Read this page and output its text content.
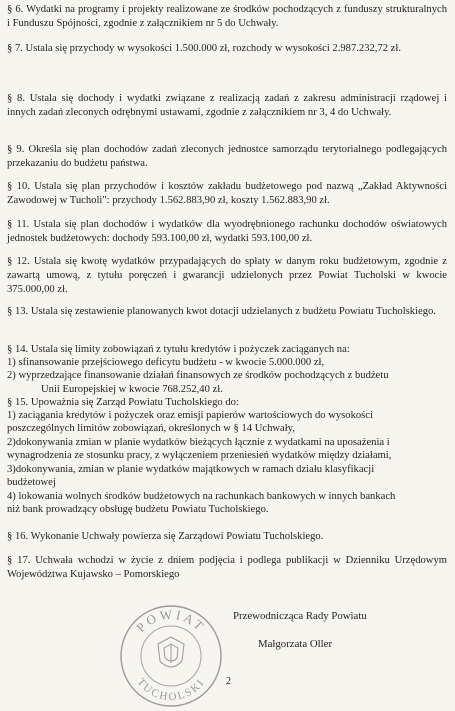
§ 6. Wydatki na programy i projekty realizowane ze środków pochodzących z funduszy strukturalnych i Funduszu Spójności, zgodnie z załącznikiem nr 5 do Uchwały.
§ 7. Ustala się przychody w wysokości 1.500.000 zł, rozchody w wysokości 2.987.232,72 zł.
§ 8. Ustala się dochody i wydatki związane z realizacją zadań z zakresu administracji rządowej i innych zadań zleconych odrębnymi ustawami, zgodnie z załącznikiem nr 3, 4 do Uchwały.
§ 9. Określa się plan dochodów zadań zleconych jednostce samorządu terytorialnego podlegających przekazaniu do budżetu państwa.
§ 10. Ustala się plan przychodów i kosztów zakładu budżetowego pod nazwą „Zakład Aktywności Zawodowej w Tucholi": przychody 1.562.883,90 zł, koszty 1.562.883,90 zł.
§ 11. Ustala się plan dochodów i wydatków dla wyodrębnionego rachunku dochodów oświatowych jednostek budżetowych: dochody 593.100,00 zł, wydatki 593.100,00 zł.
§ 12. Ustala się kwotę wydatków przypadających do spłaty w danym roku budżetowym, zgodnie z zawartą umową, z tytułu poręczeń i gwarancji udzielonych przez Powiat Tucholski w kwocie 375.000,00 zł.
§ 13. Ustala się zestawienie planowanych kwot dotacji udzielanych z budżetu Powiatu Tucholskiego.
§ 14. Ustala się limity zobowiązań z tytułu kredytów i pożyczek zaciąganych na:
1) sfinansowanie przejściowego deficytu budżetu - w kwocie 5.000.000 zł,
2) wyprzedzające finansowanie działań finansowych ze środków pochodzących z budżetu
Unii Europejskiej w kwocie 768.252,40 zł.
§ 15. Upoważnia się Zarząd Powiatu Tucholskiego do:
1) zaciągania kredytów i pożyczek oraz emisji papierów wartościowych do wysokości
poszczególnych limitów zobowiązań, określonych w § 14 Uchwały,
2)dokonywania zmian w planie wydatków bieżących łącznie z wydatkami na uposażenia i
wynagrodzenia ze stosunku pracy, z wyłączeniem przeniesień wydatków między działami,
3)dokonywania, zmian w planie wydatków majątkowych w ramach działu klasyfikacji
budżetowej
4) lokowania wolnych środków budżetowych na rachunkach bankowych w innych bankach
niż bank prowadzący obsługę budżetu Powiatu Tucholskiego.
§ 16. Wykonanie Uchwały powierza się Zarządowi Powiatu Tucholskiego.
§ 17. Uchwała wchodzi w życie z dniem podjęcia i podlega publikacji w Dzienniku Urzędowym Województwa Kujawsko – Pomorskiego
Przewodnicząca Rady Powiatu
Małgorzata Oller
POWIAT
TUCHOLSKI 2
